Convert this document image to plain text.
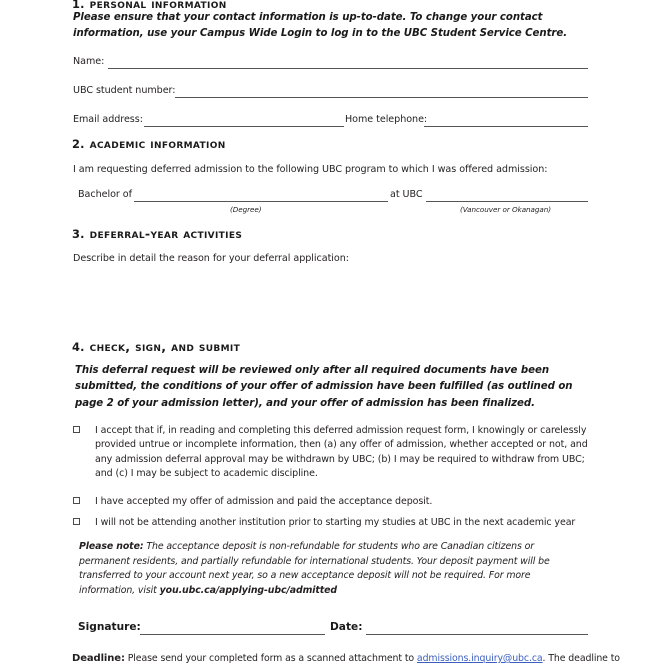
1. personal information
Please ensure that your contact information is up-to-date. To change your contact information, use your Campus Wide Login to log in to the UBC Student Service Centre.
Name:
UBC student number:
Email address:	Home telephone:
2. academic information
I am requesting deferred admission to the following UBC program to which I was offered admission:
Bachelor of
(Degree)
at UBC
(Vancouver or Okanagan)
3. deferral-year activities
Describe in detail the reason for your deferral application:
4. check, sign, and submit
This deferral request will be reviewed only after all required documents have been submitted, the conditions of your offer of admission have been fulfilled (as outlined on page 2 of your admission letter), and your offer of admission has been finalized.
I accept that if, in reading and completing this deferred admission request form, I knowingly or carelessly provided untrue or incomplete information, then (a) any offer of admission, whether accepted or not, and any admission deferral approval may be withdrawn by UBC; (b) I may be required to withdraw from UBC; and (c) I may be subject to academic discipline.
I have accepted my offer of admission and paid the acceptance deposit.
I will not be attending another institution prior to starting my studies at UBC in the next academic year
Please note: The acceptance deposit is non-refundable for students who are Canadian citizens or permanent residents, and partially refundable for international students. Your deposit payment will be transferred to your account next year, so a new acceptance deposit will not be required. For more information, visit you.ubc.ca/applying-ubc/admitted
Signature:	Date:
Deadline: Please send your completed form as a scanned attachment to admissions.inquiry@ubc.ca. The deadline to
